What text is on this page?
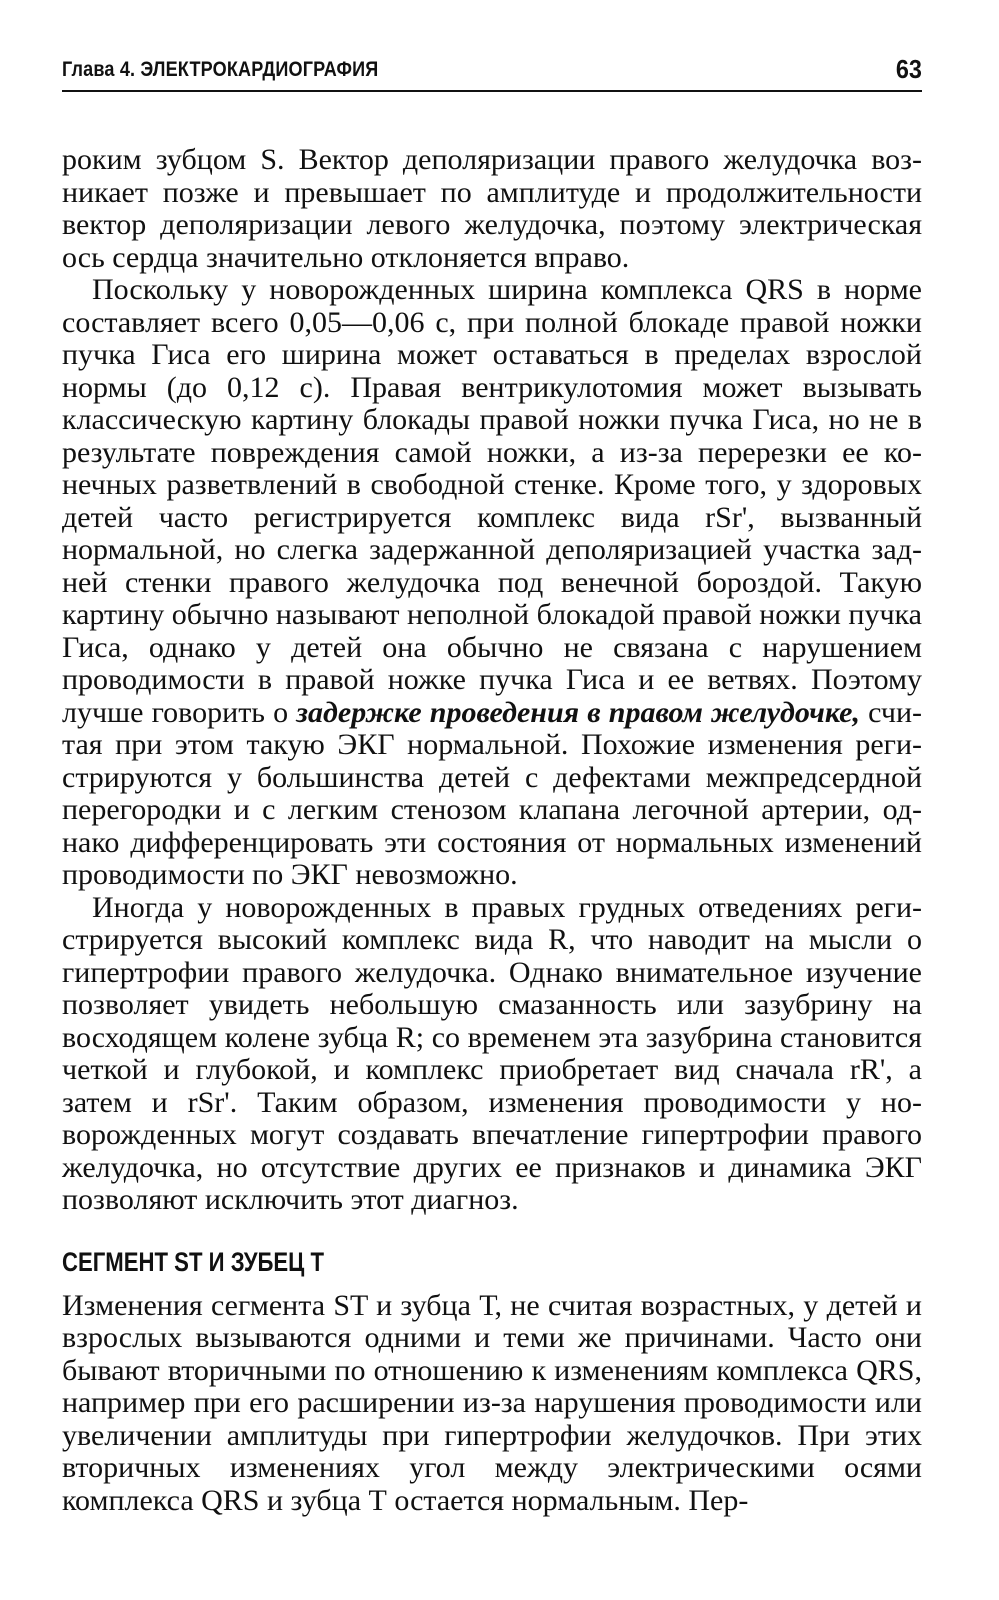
Глава 4. ЭЛЕКТРОКАРДИОГРАФИЯ	63

роким зубцом S. Вектор деполяризации правого желудочка возникает позже и превышает по амплитуде и продолжительности вектор деполяризации левого желудочка, поэтому электрическая ось сердца значительно отклоняется вправо.

Поскольку у новорожденных ширина комплекса QRS в норме составляет всего 0,05—0,06 с, при полной блокаде правой ножки пучка Гиса его ширина может оставаться в пределах взрослой нормы (до 0,12 с). Правая вентрикулотомия может вызывать классическую картину блокады правой ножки пучка Гиса, но не в результате повреждения самой ножки, а из-за перерезки ее конечных разветвлений в свободной стенке. Кроме того, у здоровых детей часто регистрируется комплекс вида rSr', вызванный нормальной, но слегка задержанной деполяризацией участка задней стенки правого желудочка под венечной бороздой. Такую картину обычно называют неполной блокадой правой ножки пучка Гиса, однако у детей она обычно не связана с нарушением проводимости в правой ножке пучка Гиса и ее ветвях. Поэтому лучше говорить о задержке проведения в правом желудочке, считая при этом такую ЭКГ нормальной. Похожие изменения регистрируются у большинства детей с дефектами межпредсердной перегородки и с легким стенозом клапана легочной артерии, однако дифференцировать эти состояния от нормальных изменений проводимости по ЭКГ невозможно.

Иногда у новорожденных в правых грудных отведениях регистрируется высокий комплекс вида R, что наводит на мысли о гипертрофии правого желудочка. Однако внимательное изучение позволяет увидеть небольшую смазанность или зазубрину на восходящем колене зубца R; со временем эта зазубрина становится четкой и глубокой, и комплекс приобретает вид сначала rR', а затем и rSr'. Таким образом, изменения проводимости у новорожденных могут создавать впечатление гипертрофии правого желудочка, но отсутствие других ее признаков и динамика ЭКГ позволяют исключить этот диагноз.

СЕГМЕНТ ST И ЗУБЕЦ T

Изменения сегмента ST и зубца Т, не считая возрастных, у детей и взрослых вызываются одними и теми же причинами. Часто они бывают вторичными по отношению к изменениям комплекса QRS, например при его расширении из-за нарушения проводимости или увеличении амплитуды при гипертрофии желудочков. При этих вторичных изменениях угол между электрическими осями комплекса QRS и зубца Т остается нормальным. Пер-
